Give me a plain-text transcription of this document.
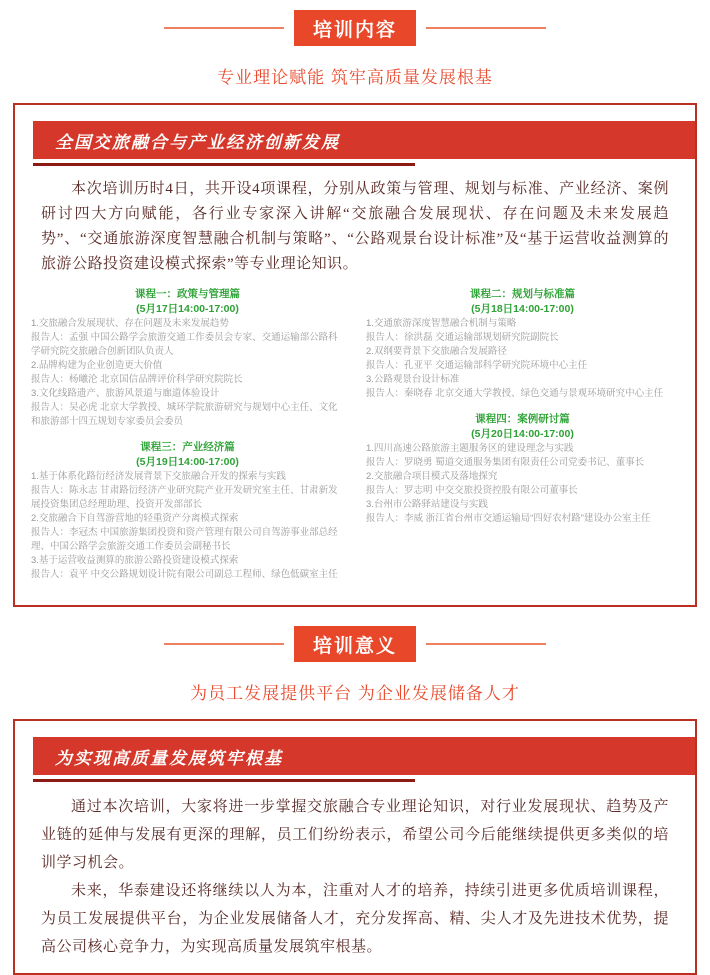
培训内容
专业理论赋能 筑牢高质量发展根基
全国交旅融合与产业经济创新发展

本次培训历时4日，共开设4项课程，分别从政策与管理、规划与标准、产业经济、案例研讨四大方向赋能，各行业专家深入讲解“交旅融合发展现状、存在问题及未来发展趋势”、“交通旅游深度智慧融合机制与策略”、“公路观景台设计标准”及“基于运营收益测算的旅游公路投资建设模式探索”等专业理论知识。

课程一：政策与管理篇
(5月17日14:00-17:00)
1.交旅融合发展现状、存在问题及未来发展趋势
报告人：孟强 中国公路学会旅游交通工作委员会专家、交通运输部公路科学研究院交旅融合创新团队负责人
2.品牌构建为企业创造更大价值
报告人：杨曦沦 北京国信品牌评价科学研究院院长
3.文化线路遗产、旅游风景道与廊道体验设计
报告人：吴必虎 北京大学教授、城环学院旅游研究与规划中心主任、文化和旅游部十四五规划专家委员会委员
课程三：产业经济篇
(5月19日14:00-17:00)
1.基于体系化路衍经济发展背景下交旅融合开发的探索与实践
报告人：陈永志 甘肃路衍经济产业研究院产业开发研究室主任、甘肃新发展投资集团总经理助理、投资开发部部长
2.交旅融合下自驾游营地的轻重资产分离模式探索
报告人：李冠杰 中国旅游集团投资和资产管理有限公司自驾游事业部总经理、中国公路学会旅游交通工作委员会副秘书长
3.基于运营收益测算的旅游公路投资建设模式探索
报告人：袁平 中交公路规划设计院有限公司副总工程师、绿色低碳室主任
课程二：规划与标准篇
(5月18日14:00-17:00)
1.交通旅游深度智慧融合机制与策略
报告人：徐洪磊 交通运输部规划研究院副院长
2.双纲要背景下交旅融合发展路径
报告人：孔亚平 交通运输部科学研究院环境中心主任
3.公路观景台设计标准
报告人：秦晓春 北京交通大学教授、绿色交通与景观环境研究中心主任
课程四：案例研讨篇
(5月20日14:00-17:00)
1.四川高速公路旅游主题服务区的建设理念与实践
报告人：罗晓勇 蜀道交通服务集团有限责任公司党委书记、董事长
2.交旅融合项目模式及落地探究
报告人：罗志明 中交交旅投资控股有限公司董事长
3.台州市公路驿站建设与实践
报告人：李威 浙江省台州市交通运输局“四好农村路”建设办公室主任
培训意义
为员工发展提供平台 为企业发展储备人才
为实现高质量发展筑牢根基

通过本次培训，大家将进一步掌握交旅融合专业理论知识，对行业发展现状、趋势及产业链的延伸与发展有更深的理解，员工们纷纷表示，希望公司今后能继续提供更多类似的培训学习机会。

未来，华泰建设还将继续以人为本，注重对人才的培养，持续引进更多优质培训课程，为员工发展提供平台，为企业发展储备人才，充分发挥高、精、尖人才及先进技术优势，提高公司核心竞争力，为实现高质量发展筑牢根基。
